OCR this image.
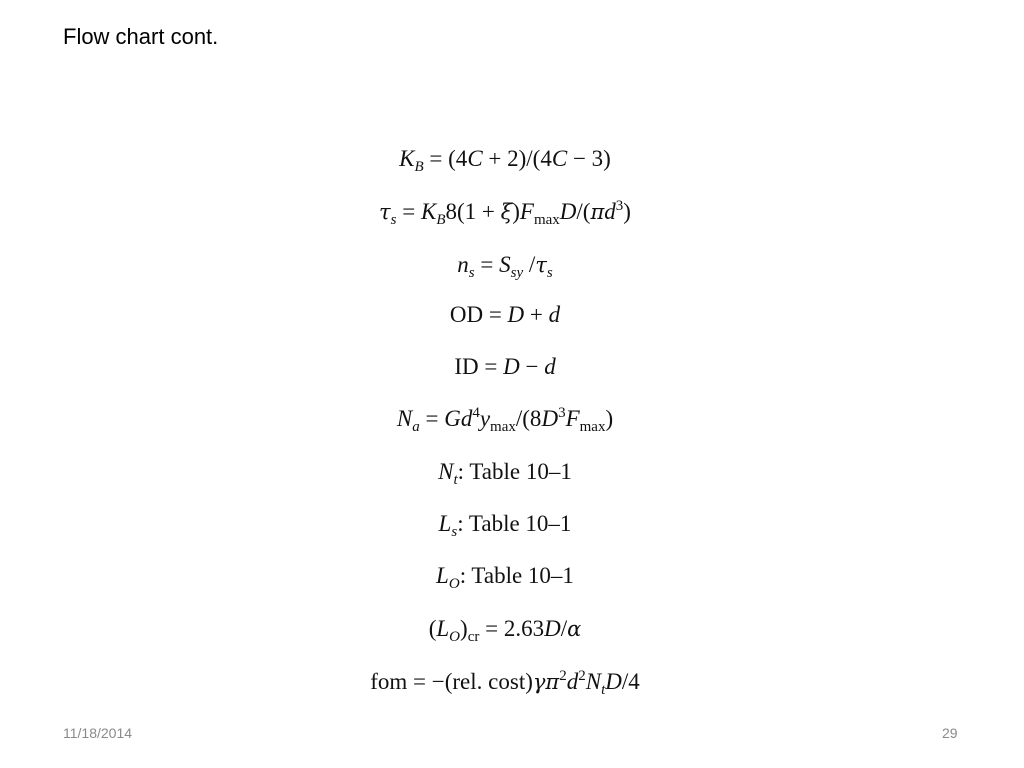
Flow chart cont.
$K_B = (4C + 2)/(4C - 3)$
$\tau_s = K_B8(1 + \xi)F_{max}D/(\pi d^3)$
$n_s = S_{sy}$ $/\tau_s$
OD = D + d
ID = D − d
$N_a = Gd^4y_{max}/(8D^3F_{max})$
$N_t$: Table 10–1
$L_s$: Table 10–1
$L_O$: Table 10–1
$(L_O)_{cr} = 2.63D/\alpha$
fom = −(rel. $\cos t)\gamma\pi^2d^2N_tD/4$
11/18/2014	29
